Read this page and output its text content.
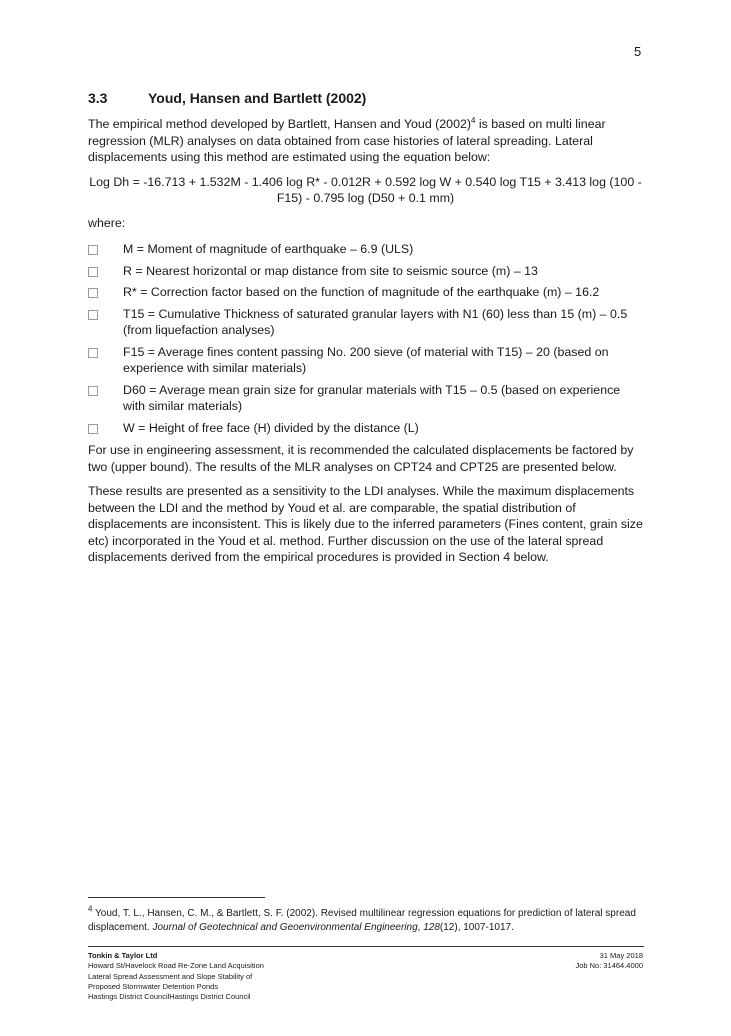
5
3.3	Youd, Hansen and Bartlett (2002)

The empirical method developed by Bartlett, Hansen and Youd $(2002)^4$ is based on multi linear regression (MLR) analyses on data obtained from case histories of lateral spreading. Lateral displacements using this method are estimated using the equation below:

Log Dh = -16.713 + 1.532M - 1.406 log R* - 0.012R + 0.592 log W + 0.540 log T15 + 3.413 log (100 - F15) - 0.795 log (D50 + 0.1 mm)

where:

M = Moment of magnitude of earthquake – 6.9 (ULS)
R = Nearest horizontal or map distance from site to seismic source (m) – 13
R* = Correction factor based on the function of magnitude of the earthquake (m) – 16.2
T15 = Cumulative Thickness of saturated granular layers with N1 (60) less than 15 (m) – 0.5 (from liquefaction analyses)
F15 = Average fines content passing No. 200 sieve (of material with T15) – 20 (based on experience with similar materials)
D60 = Average mean grain size for granular materials with T15 – 0.5 (based on experience with similar materials)
W = Height of free face (H) divided by the distance (L)

For use in engineering assessment, it is recommended the calculated displacements be factored by two (upper bound). The results of the MLR analyses on CPT24 and CPT25 are presented below.

These results are presented as a sensitivity to the LDI analyses. While the maximum displacements between the LDI and the method by Youd et al. are comparable, the spatial distribution of displacements are inconsistent. This is likely due to the inferred parameters (Fines content, grain size etc) incorporated in the Youd et al. method. Further discussion on the use of the lateral spread displacements derived from the empirical procedures is provided in Section 4 below.

$^4$ Youd, T. L., Hansen, C. M., & Bartlett, S. F. (2002). Revised multilinear regression equations for prediction of lateral spread displacement. Journal of Geotechnical and Geoenvironmental Engineering, 128(12), 1007-1017.
Tonkin & Taylor Ltd
Howard St/Havelock Road Re-Zone Land Acquisition
Lateral Spread Assessment and Slope Stability of
Proposed Stormwater Detention Ponds
Hastings District CouncilHastings District Council
31 May 2018
Job No: 31464.4000
